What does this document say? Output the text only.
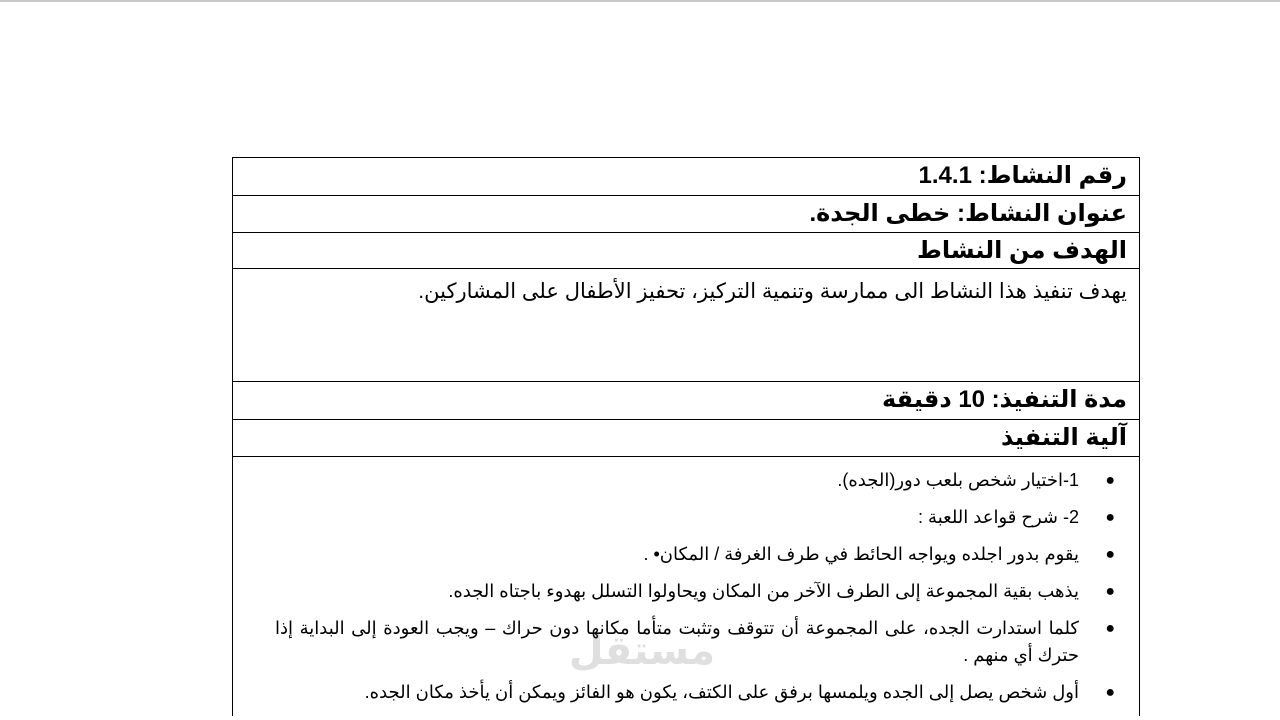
رقم النشاط: 1.4.1
عنوان النشاط: خطى الجدة.
الهدف من النشاط
يهدف تنفيذ هذا النشاط الى ممارسة وتنمية التركيز، تحفيز الأطفال على المشاركين.
مدة التنفيذ: 10 دقيقة
آلية التنفيذ
●
1-اختيار شخص بلعب دور(الجده).
●
2- شرح قواعد اللعبة :
●
يقوم بدور اجلده ويواجه الحائط في طرف الغرفة / المكان• .
●
يذهب بقية المجموعة إلى الطرف الآخر من المكان ويحاولوا التسلل بهدوء باجتاه الجده.
●
كلما استدارت الجده، على المجموعة أن تتوقف وتثبت متأما مكانها دون حراك – ويجب العودة إلى البداية إذا حترك أي منهم .
●
أول شخص يصل إلى الجده ويلمسها برفق على الكتف، يكون هو الفائز ويمكن أن يأخذ مكان الجده.
مستقل
